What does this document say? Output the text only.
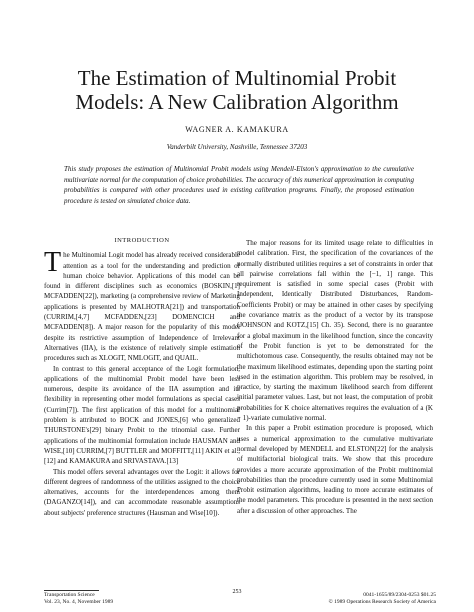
The Estimation of Multinomial Probit
Models: A New Calibration Algorithm
WAGNER A. KAMAKURA
Vanderbilt University, Nashville, Tennessee 37203

This study proposes the estimation of Multinomial Probit models using Mendell-Elston's approximation to the cumulative multivariate normal for the computation of choice probabilities. The accuracy of this numerical approximation in computing probabilities is compared with other procedures used in existing calibration programs. Finally, the proposed estimation procedure is tested on simulated choice data.

INTRODUCTION

The Multinomial Logit model has already received considerable attention as a tool for the understanding and prediction of human choice behavior. Applications of this model can be found in different disciplines such as economics (BOSKIN,[1] MCFADDEN[22]), marketing (a comprehensive review of Marketing applications is presented by MALHOTRA[21]) and transportation (CURRIM,[4,7] MCFADDEN,[23] DOMENCICH and MCFADDEN[8]). A major reason for the popularity of this model despite its restrictive assumption of Independence of Irrelevant Alternatives (IIA), is the existence of relatively simple estimation procedures such as XLOGIT, NMLOGIT, and QUAIL.

In contrast to this general acceptance of the Logit formulation, applications of the multinomial Probit model have been less numerous, despite its avoidance of the IIA assumption and its flexibility in representing other model formulations as special cases (Currim[7]). The first application of this model for a multinomial problem is attributed to BOCK and JONES,[6] who generalized THURSTONE's[29] binary Probit to the trinomial case. Further applications of the multinomial formulation include HAUSMAN and WISE,[10] CURRIM,[7] BUTTLER and MOFFITT,[11] AKIN et al.,[12] and KAMAKURA and SRIVASTAVA.[13]

This model offers several advantages over the Logit: it allows for different degrees of randomness of the utilities assigned to the choice alternatives, accounts for the interdependences among them (DAGANZO[14]), and can accommodate reasonable assumptions about subjects' preference structures (Hausman and Wise[10]).

The major reasons for its limited usage relate to difficulties in model calibration. First, the specification of the covariances of the normally distributed utilities requires a set of constraints in order that all pairwise correlations fall within the [−1, 1] range. This requirement is satisfied in some special cases (Probit with Independent, Identically Distributed Disturbances, Random-Coefficients Probit) or may be attained in other cases by specifying the covariance matrix as the product of a vector by its transpose (JOHNSON and KOTZ,[15] Ch. 35). Second, there is no guarantee for a global maximum in the likelihood function, since the concavity of the Probit function is yet to be demonstrated for the multichotomous case. Consequently, the results obtained may not be the maximum likelihood estimates, depending upon the starting point used in the estimation algorithm. This problem may be resolved, in practice, by starting the maximum likelihood search from different initial parameter values. Last, but not least, the computation of probit probabilities for K choice alternatives requires the evaluation of a (K − 1)-variate cumulative normal.

In this paper a Probit estimation procedure is proposed, which uses a numerical approximation to the cumulative multivariate normal developed by MENDELL and ELSTON[22] for the analysis of multifactorial biological traits. We show that this procedure provides a more accurate approximation of the Probit multinomial probabilities than the procedure currently used in some Multinomial Probit estimation algorithms, leading to more accurate estimates of the model parameters. This procedure is presented in the next section after a discussion of other approaches. The

253
Transportation Science
Vol. 23, No. 4, November 1989
0041-1655/89/2304-0253 $01.25
© 1989 Operations Research Society of America
